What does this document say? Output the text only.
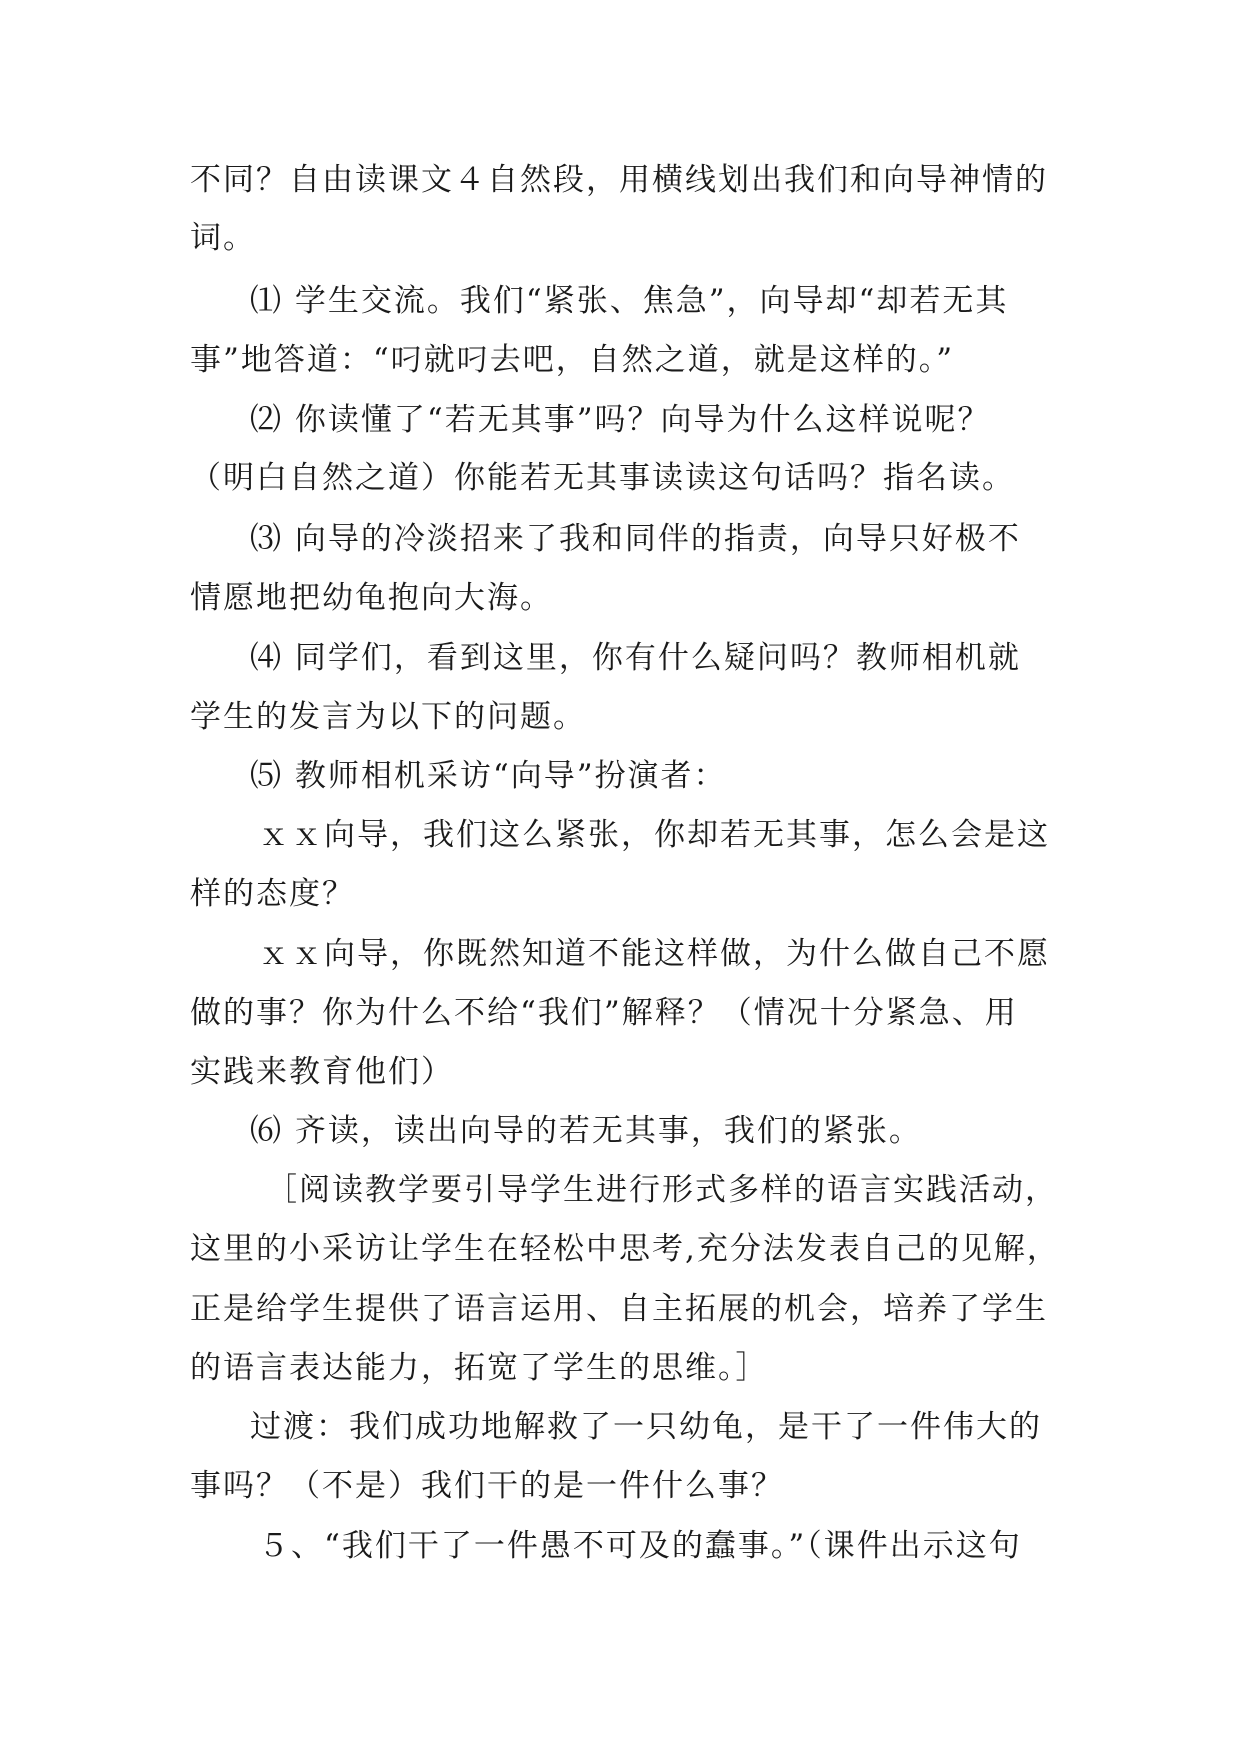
不同？自由读课文４自然段，用横线划出我们和向导神情的
词。
⑴ 学生交流。我们“紧张、焦急”，向导却“却若无其
事”地答道：“叼就叼去吧，自然之道，就是这样的。”
⑵ 你读懂了“若无其事”吗？向导为什么这样说呢？
（明白自然之道）你能若无其事读读这句话吗？指名读。
⑶ 向导的冷淡招来了我和同伴的指责，向导只好极不
情愿地把幼龟抱向大海。
⑷ 同学们，看到这里，你有什么疑问吗？教师相机就
学生的发言为以下的问题。
⑸ 教师相机采访“向导”扮演者：
ｘｘ向导，我们这么紧张，你却若无其事，怎么会是这
样的态度？
ｘｘ向导，你既然知道不能这样做，为什么做自己不愿
做的事？你为什么不给“我们”解释？（情况十分紧急、用
实践来教育他们）
⑹ 齐读，读出向导的若无其事，我们的紧张。
［阅读教学要引导学生进行形式多样的语言实践活动，
这里的小采访让学生在轻松中思考,充分法发表自己的见解，
正是给学生提供了语言运用、自主拓展的机会，培养了学生
的语言表达能力，拓宽了学生的思维。］
过渡：我们成功地解救了一只幼龟，是干了一件伟大的
事吗？（不是）我们干的是一件什么事？
５、“我们干了一件愚不可及的蠢事。”（课件出示这句
